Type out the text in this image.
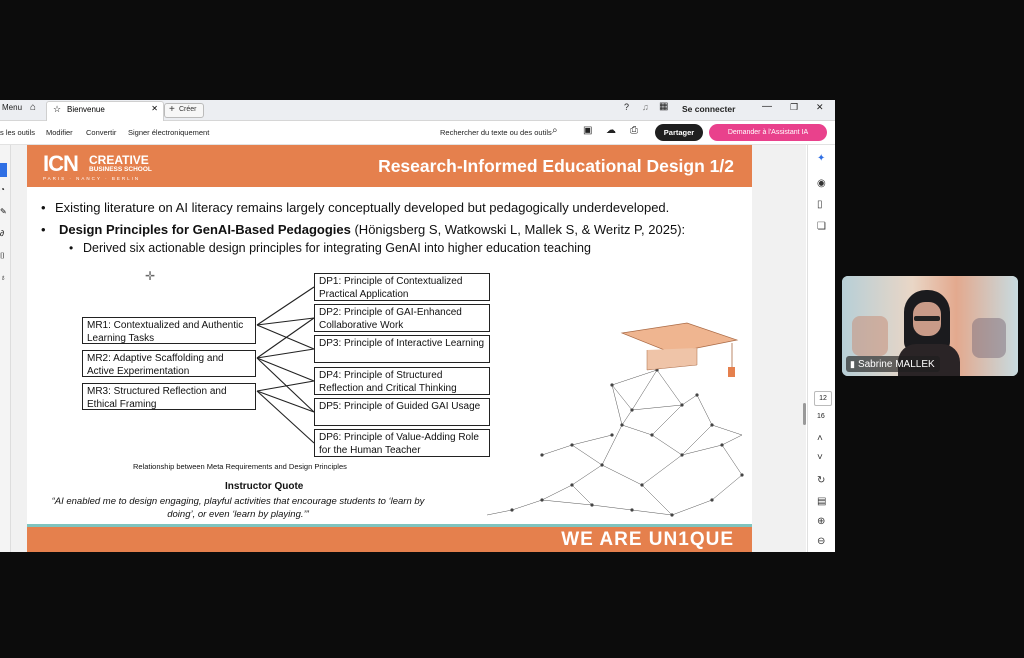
Menu ⌂ ☆ Bienvenue	✕ + Créer	? ♫ ▦ Se connecter	— ❐ ✕
s les outils Modifier Convertir Signer électroniquement	Rechercher du texte ou des outils ⌕	▣ ☁ ⎙	Partager	Demander à l'Assistant IA
◔
✎
∂
⌷
♁
ICN CREATIVE
BUSINESS SCHOOL
PARIS · NANCY · BERLIN
Research-Informed Educational Design 1/2
• Existing literature on AI literacy remains largely conceptually developed but pedagogically underdeveloped.
• Design Principles for GenAI-Based Pedagogies (Hönigsberg S, Watkowski L, Mallek S, & Weritz P, 2025):
• Derived six actionable design principles for integrating GenAI into higher education teaching
✛
MR1: Contextualized and Authentic Learning Tasks
MR2: Adaptive Scaffolding and Active Experimentation
MR3: Structured Reflection and Ethical Framing
DP1: Principle of Contextualized Practical Application
DP2: Principle of GAI-Enhanced Collaborative Work
DP3: Principle of Interactive Learning
DP4: Principle of Structured Reflection and Critical Thinking
DP5: Principle of Guided GAI Usage
DP6: Principle of Value-Adding Role for the Human Teacher
Relationship between Meta Requirements and Design Principles
Instructor Quote
“AI enabled me to design engaging, playful activities that encourage students to ‘learn by doing’, or even ‘learn by playing.’”
WE ARE UN1QUE
✦
◉
▯
❏
12
16
˄
˅
↻
▤
⊕
⊖
▮ Sabrine MALLEK
